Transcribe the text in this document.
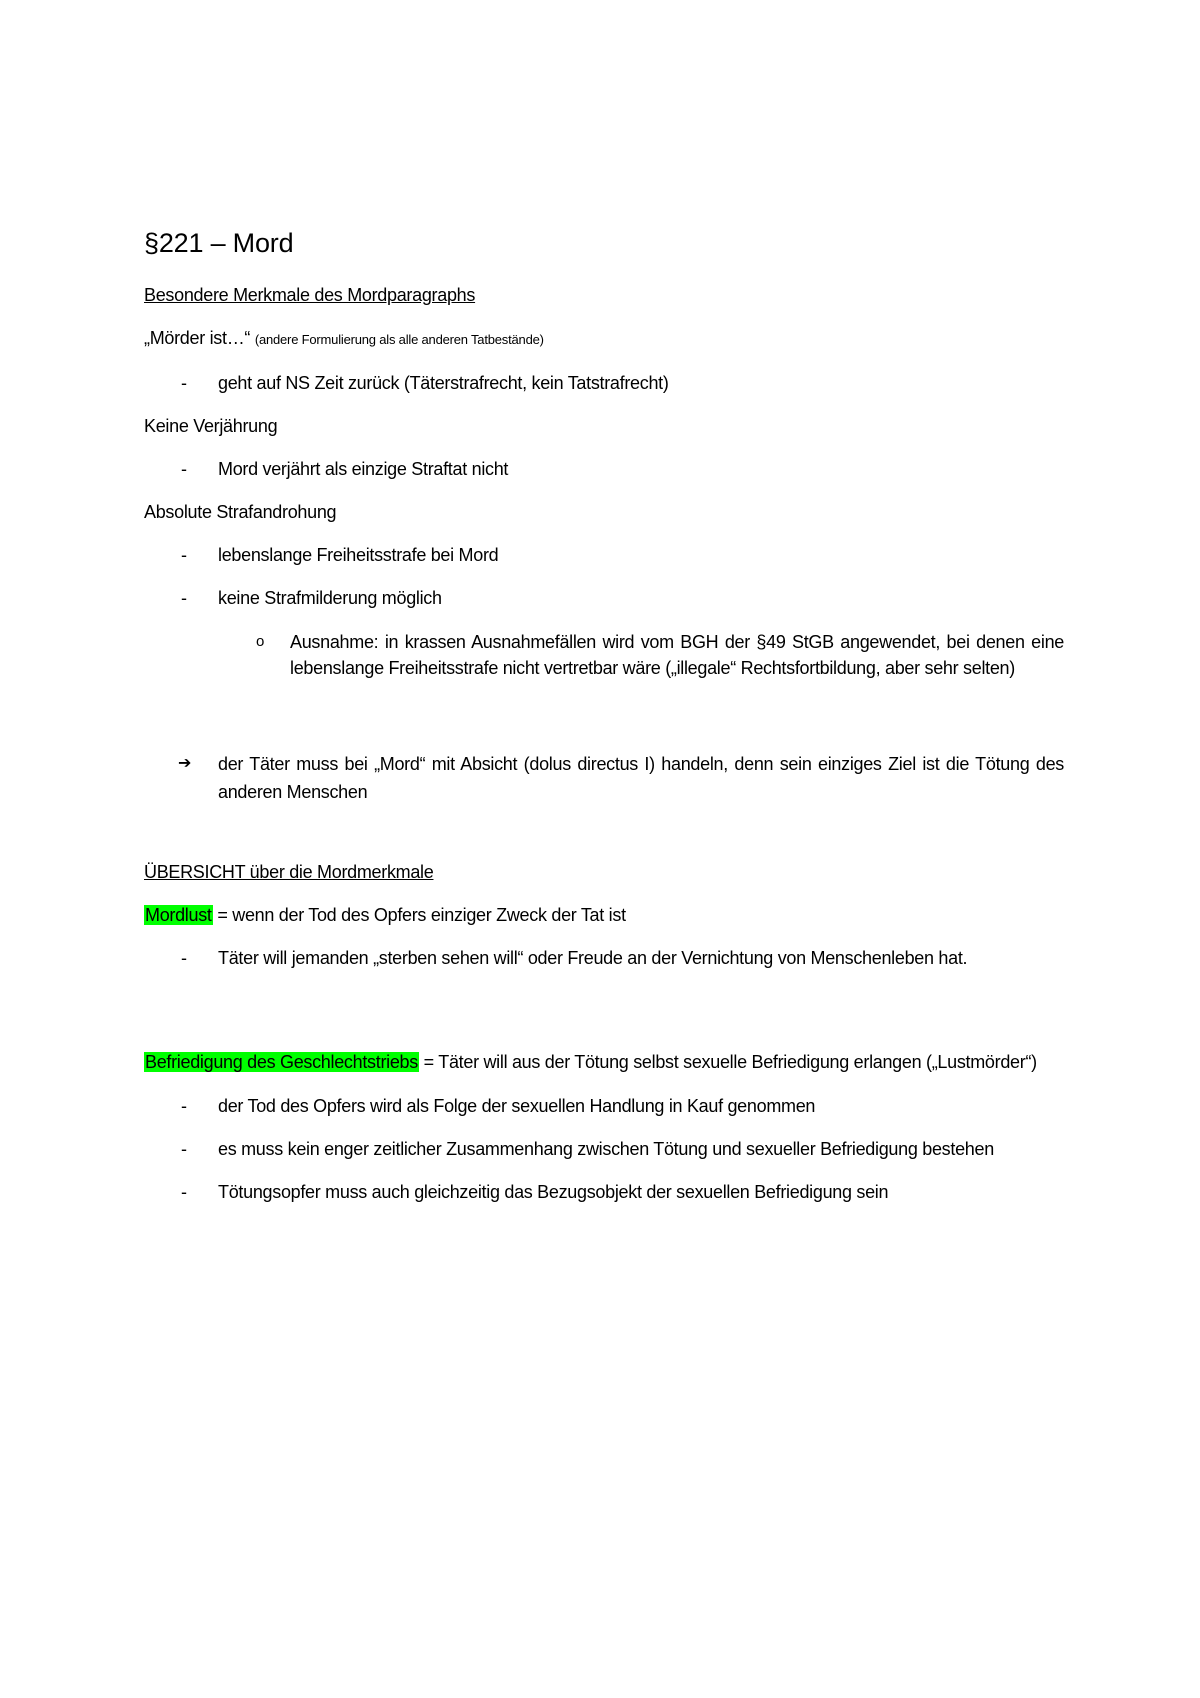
§221 – Mord
Besondere Merkmale des Mordparagraphs
„Mörder ist…“ (andere Formulierung als alle anderen Tatbestände)
- geht auf NS Zeit zurück (Täterstrafrecht, kein Tatstrafrecht)
Keine Verjährung
- Mord verjährt als einzige Straftat nicht
Absolute Strafandrohung
- lebenslange Freiheitsstrafe bei Mord
- keine Strafmilderung möglich
o Ausnahme: in krassen Ausnahmefällen wird vom BGH der §49 StGB angewendet, bei denen eine lebenslange Freiheitsstrafe nicht vertretbar wäre („illegale“ Rechtsfortbildung, aber sehr selten)
➔ der Täter muss bei „Mord“ mit Absicht (dolus directus I) handeln, denn sein einziges Ziel ist die Tötung des anderen Menschen
ÜBERSICHT über die Mordmerkmale
Mordlust = wenn der Tod des Opfers einziger Zweck der Tat ist
- Täter will jemanden „sterben sehen will“ oder Freude an der Vernichtung von Menschenleben hat.
Befriedigung des Geschlechtstriebs = Täter will aus der Tötung selbst sexuelle Befriedigung erlangen („Lustmörder“)
- der Tod des Opfers wird als Folge der sexuellen Handlung in Kauf genommen
- es muss kein enger zeitlicher Zusammenhang zwischen Tötung und sexueller Befriedigung bestehen
- Tötungsopfer muss auch gleichzeitig das Bezugsobjekt der sexuellen Befriedigung sein
